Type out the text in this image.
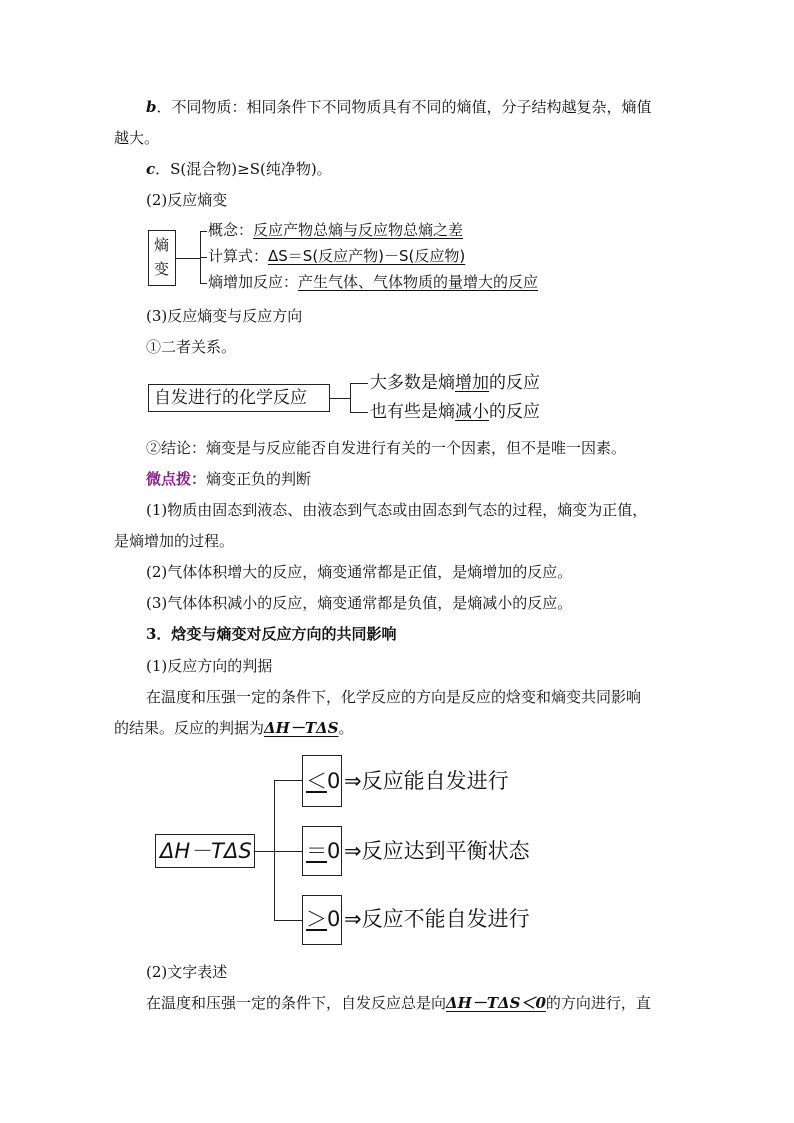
b．不同物质：相同条件下不同物质具有不同的熵值，分子结构越复杂，熵值
越大。
c．S(混合物)≥S(纯净物)。
(2)反应熵变
熵
变
概念：反应产物总熵与反应物总熵之差
计算式：ΔS＝S(反应产物)－S(反应物)
熵增加反应：产生气体、气体物质的量增大的反应
(3)反应熵变与反应方向
①二者关系。
自发进行的化学反应
大多数是熵增加的反应
也有些是熵减小的反应
②结论：熵变是与反应能否自发进行有关的一个因素，但不是唯一因素。
微点拨：熵变正负的判断
(1)物质由固态到液态、由液态到气态或由固态到气态的过程，熵变为正值，
是熵增加的过程。
(2)气体体积增大的反应，熵变通常都是正值，是熵增加的反应。
(3)气体体积减小的反应，熵变通常都是负值，是熵减小的反应。
3．焓变与熵变对反应方向的共同影响
(1)反应方向的判据
在温度和压强一定的条件下，化学反应的方向是反应的焓变和熵变共同影响
的结果。反应的判据为ΔH－TΔS。
ΔH－TΔS
＜0 ⇒反应能自发进行
＝0 ⇒反应达到平衡状态
＞0 ⇒反应不能自发进行
(2)文字表述
在温度和压强一定的条件下，自发反应总是向ΔH－TΔS＜0的方向进行，直
